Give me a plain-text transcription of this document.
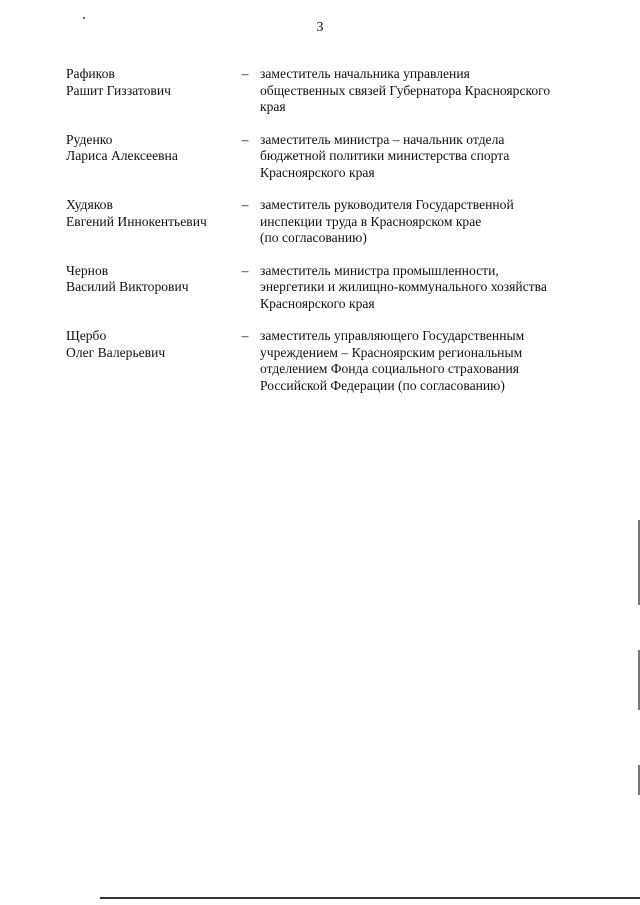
3
Рафиков
Рашит Гиззатович
– заместитель начальника управления
общественных связей Губернатора Красноярского
края
Руденко
Лариса Алексеевна
– заместитель министра – начальник отдела
бюджетной политики министерства спорта
Красноярского края
Худяков
Евгений Иннокентьевич
– заместитель руководителя Государственной
инспекции труда в Красноярском крае
(по согласованию)
Чернов
Василий Викторович
– заместитель министра промышленности,
энергетики и жилищно-коммунального хозяйства
Красноярского края
Щербо
Олег Валерьевич
– заместитель управляющего Государственным
учреждением – Красноярским региональным
отделением Фонда социального страхования
Российской Федерации (по согласованию)
